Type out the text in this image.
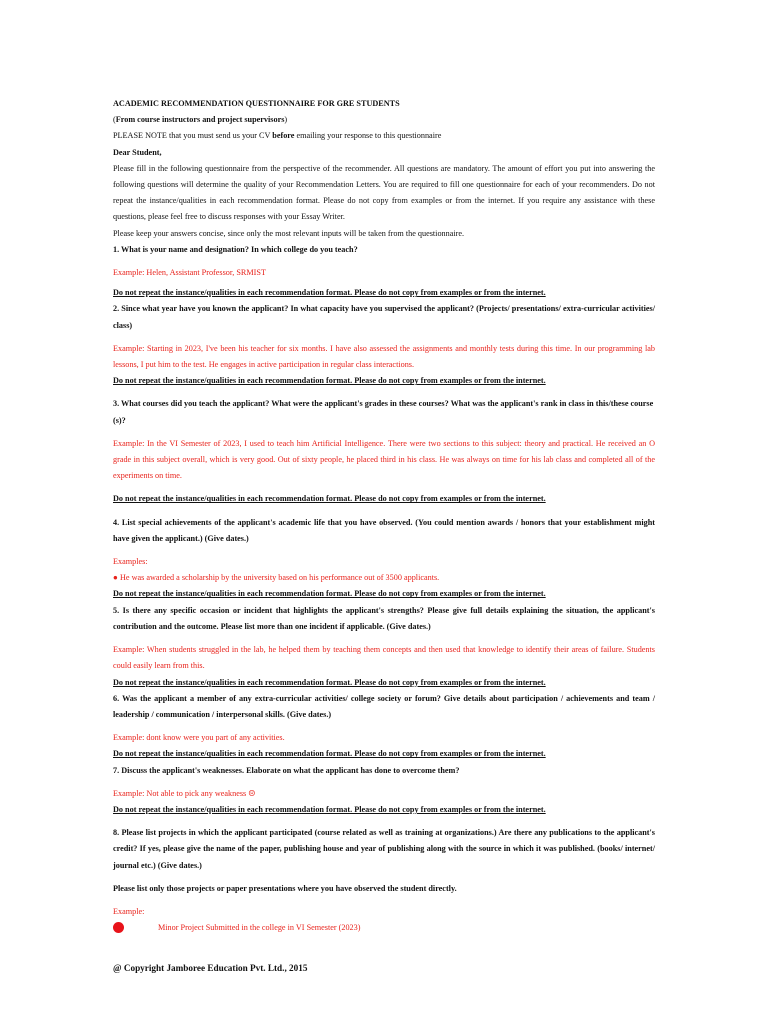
ACADEMIC RECOMMENDATION QUESTIONNAIRE FOR GRE STUDENTS

(From course instructors and project supervisors)

PLEASE NOTE that you must send us your CV before emailing your response to this questionnaire

Dear Student,

Please fill in the following questionnaire from the perspective of the recommender. All questions are mandatory. The amount of effort you put into answering the following questions will determine the quality of your Recommendation Letters. You are required to fill one questionnaire for each of your recommenders. Do not repeat the instance/qualities in each recommendation format. Please do not copy from examples or from the internet. If you require any assistance with these questions, please feel free to discuss responses with your Essay Writer.

Please keep your answers concise, since only the most relevant inputs will be taken from the questionnaire.

1. What is your name and designation? In which college do you teach?

Example: Helen, Assistant Professor, SRMIST

Do not repeat the instance/qualities in each recommendation format. Please do not copy from examples or from the internet.

2. Since what year have you known the applicant? In what capacity have you supervised the applicant? (Projects/ presentations/ extra-curricular activities/ class)

Example: Starting in 2023, I've been his teacher for six months. I have also assessed the assignments and monthly tests during this time. In our programming lab lessons, I put him to the test. He engages in active participation in regular class interactions.

Do not repeat the instance/qualities in each recommendation format. Please do not copy from examples or from the internet.

3. What courses did you teach the applicant? What were the applicant's grades in these courses? What was the applicant's rank in class in this/these course (s)?

Example: In the VI Semester of 2023, I used to teach him Artificial Intelligence. There were two sections to this subject: theory and practical. He received an O grade in this subject overall, which is very good. Out of sixty people, he placed third in his class. He was always on time for his lab class and completed all of the experiments on time.

Do not repeat the instance/qualities in each recommendation format. Please do not copy from examples or from the internet.

4. List special achievements of the applicant's academic life that you have observed. (You could mention awards / honors that your establishment might have given the applicant.) (Give dates.)

Examples:

● He was awarded a scholarship by the university based on his performance out of 3500 applicants.

Do not repeat the instance/qualities in each recommendation format. Please do not copy from examples or from the internet.

5. Is there any specific occasion or incident that highlights the applicant's strengths? Please give full details explaining the situation, the applicant's contribution and the outcome. Please list more than one incident if applicable. (Give dates.)

Example: When students struggled in the lab, he helped them by teaching them concepts and then used that knowledge to identify their areas of failure. Students could easily learn from this.

Do not repeat the instance/qualities in each recommendation format. Please do not copy from examples or from the internet.

6. Was the applicant a member of any extra-curricular activities/ college society or forum? Give details about participation / achievements and team / leadership / communication / interpersonal skills. (Give dates.)

Example: dont know were you part of any activities.

Do not repeat the instance/qualities in each recommendation format. Please do not copy from examples or from the internet.

7. Discuss the applicant's weaknesses. Elaborate on what the applicant has done to overcome them?

Example: Not able to pick any weakness ☹

Do not repeat the instance/qualities in each recommendation format. Please do not copy from examples or from the internet.

8. Please list projects in which the applicant participated (course related as well as training at organizations.) Are there any publications to the applicant's credit? If yes, please give the name of the paper, publishing house and year of publishing along with the source in which it was published. (books/ internet/ journal etc.) (Give dates.)

Please list only those projects or paper presentations where you have observed the student directly.

Example:

Minor Project Submitted in the college in VI Semester (2023)
@ Copyright Jamboree Education Pvt. Ltd., 2015
